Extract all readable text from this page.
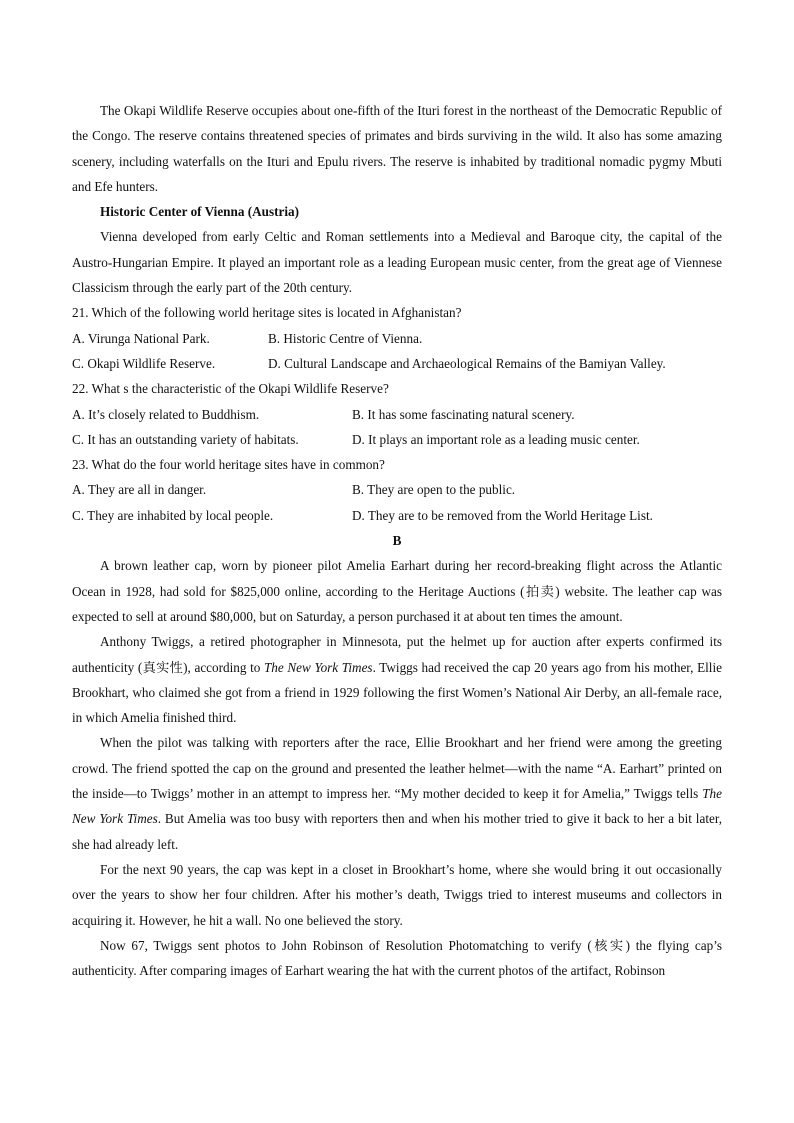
The Okapi Wildlife Reserve occupies about one-fifth of the Ituri forest in the northeast of the Democratic Republic of the Congo. The reserve contains threatened species of primates and birds surviving in the wild. It also has some amazing scenery, including waterfalls on the Ituri and Epulu rivers. The reserve is inhabited by traditional nomadic pygmy Mbuti and Efe hunters.

Historic Center of Vienna (Austria)

Vienna developed from early Celtic and Roman settlements into a Medieval and Baroque city, the capital of the Austro-Hungarian Empire. It played an important role as a leading European music center, from the great age of Viennese Classicism through the early part of the 20th century.

21. Which of the following world heritage sites is located in Afghanistan?

A. Virunga National Park.	B. Historic Centre of Vienna.
C. Okapi Wildlife Reserve.	D. Cultural Landscape and Archaeological Remains of the Bamiyan Valley.

22. What s the characteristic of the Okapi Wildlife Reserve?

A. It’s closely related to Buddhism.	B. It has some fascinating natural scenery.
C. It has an outstanding variety of habitats.	D. It plays an important role as a leading music center.

23. What do the four world heritage sites have in common?

A. They are all in danger.	B. They are open to the public.
C. They are inhabited by local people.	D. They are to be removed from the World Heritage List.

B

A brown leather cap, worn by pioneer pilot Amelia Earhart during her record-breaking flight across the Atlantic Ocean in 1928, had sold for $825,000 online, according to the Heritage Auctions (拍卖) website. The leather cap was expected to sell at around $80,000, but on Saturday, a person purchased it at about ten times the amount.

Anthony Twiggs, a retired photographer in Minnesota, put the helmet up for auction after experts confirmed its authenticity (真实性), according to The New York Times. Twiggs had received the cap 20 years ago from his mother, Ellie Brookhart, who claimed she got from a friend in 1929 following the first Women’s National Air Derby, an all-female race, in which Amelia finished third.

When the pilot was talking with reporters after the race, Ellie Brookhart and her friend were among the greeting crowd. The friend spotted the cap on the ground and presented the leather helmet—with the name “A. Earhart” printed on the inside—to Twiggs’ mother in an attempt to impress her. “My mother decided to keep it for Amelia,” Twiggs tells The New York Times. But Amelia was too busy with reporters then and when his mother tried to give it back to her a bit later, she had already left.

For the next 90 years, the cap was kept in a closet in Brookhart’s home, where she would bring it out occasionally over the years to show her four children. After his mother’s death, Twiggs tried to interest museums and collectors in acquiring it. However, he hit a wall. No one believed the story.

Now 67, Twiggs sent photos to John Robinson of Resolution Photomatching to verify (核实) the flying cap’s authenticity. After comparing images of Earhart wearing the hat with the current photos of the artifact, Robinson
